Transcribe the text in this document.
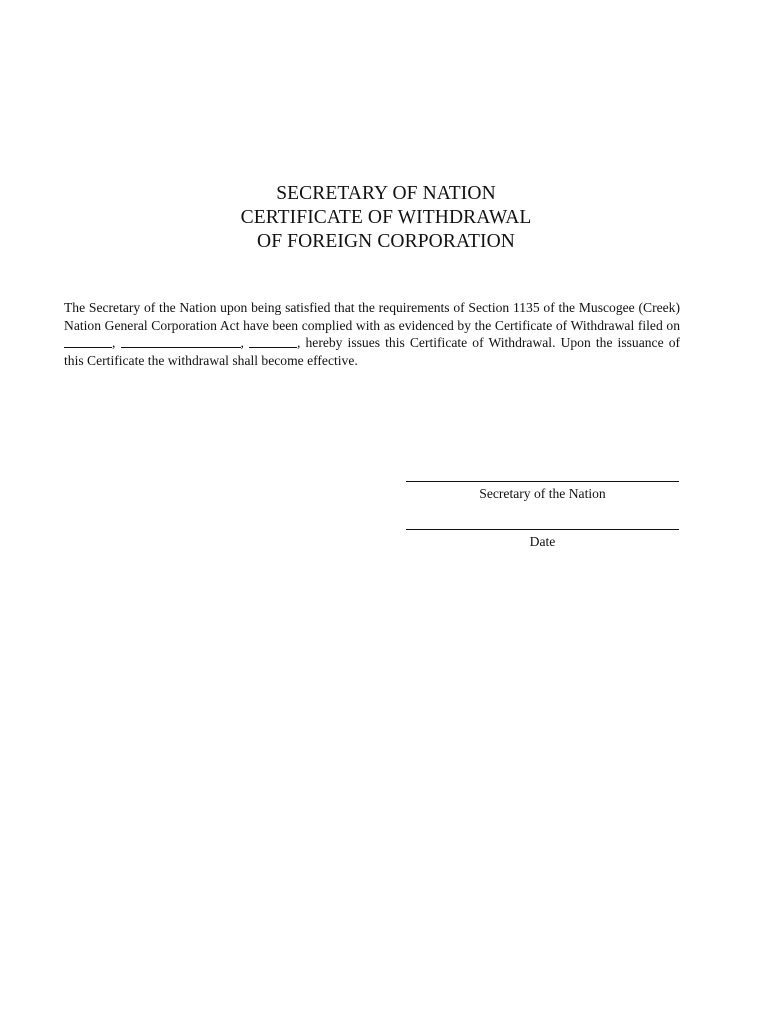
SECRETARY OF NATION
CERTIFICATE OF WITHDRAWAL
OF FOREIGN CORPORATION

The Secretary of the Nation upon being satisfied that the requirements of Section 1135 of the Muscogee (Creek) Nation General Corporation Act have been complied with as evidenced by the Certificate of Withdrawal filed on ,	,	, hereby issues this Certificate of Withdrawal. Upon the issuance of this Certificate the withdrawal shall become effective.

Secretary of the Nation
Date
